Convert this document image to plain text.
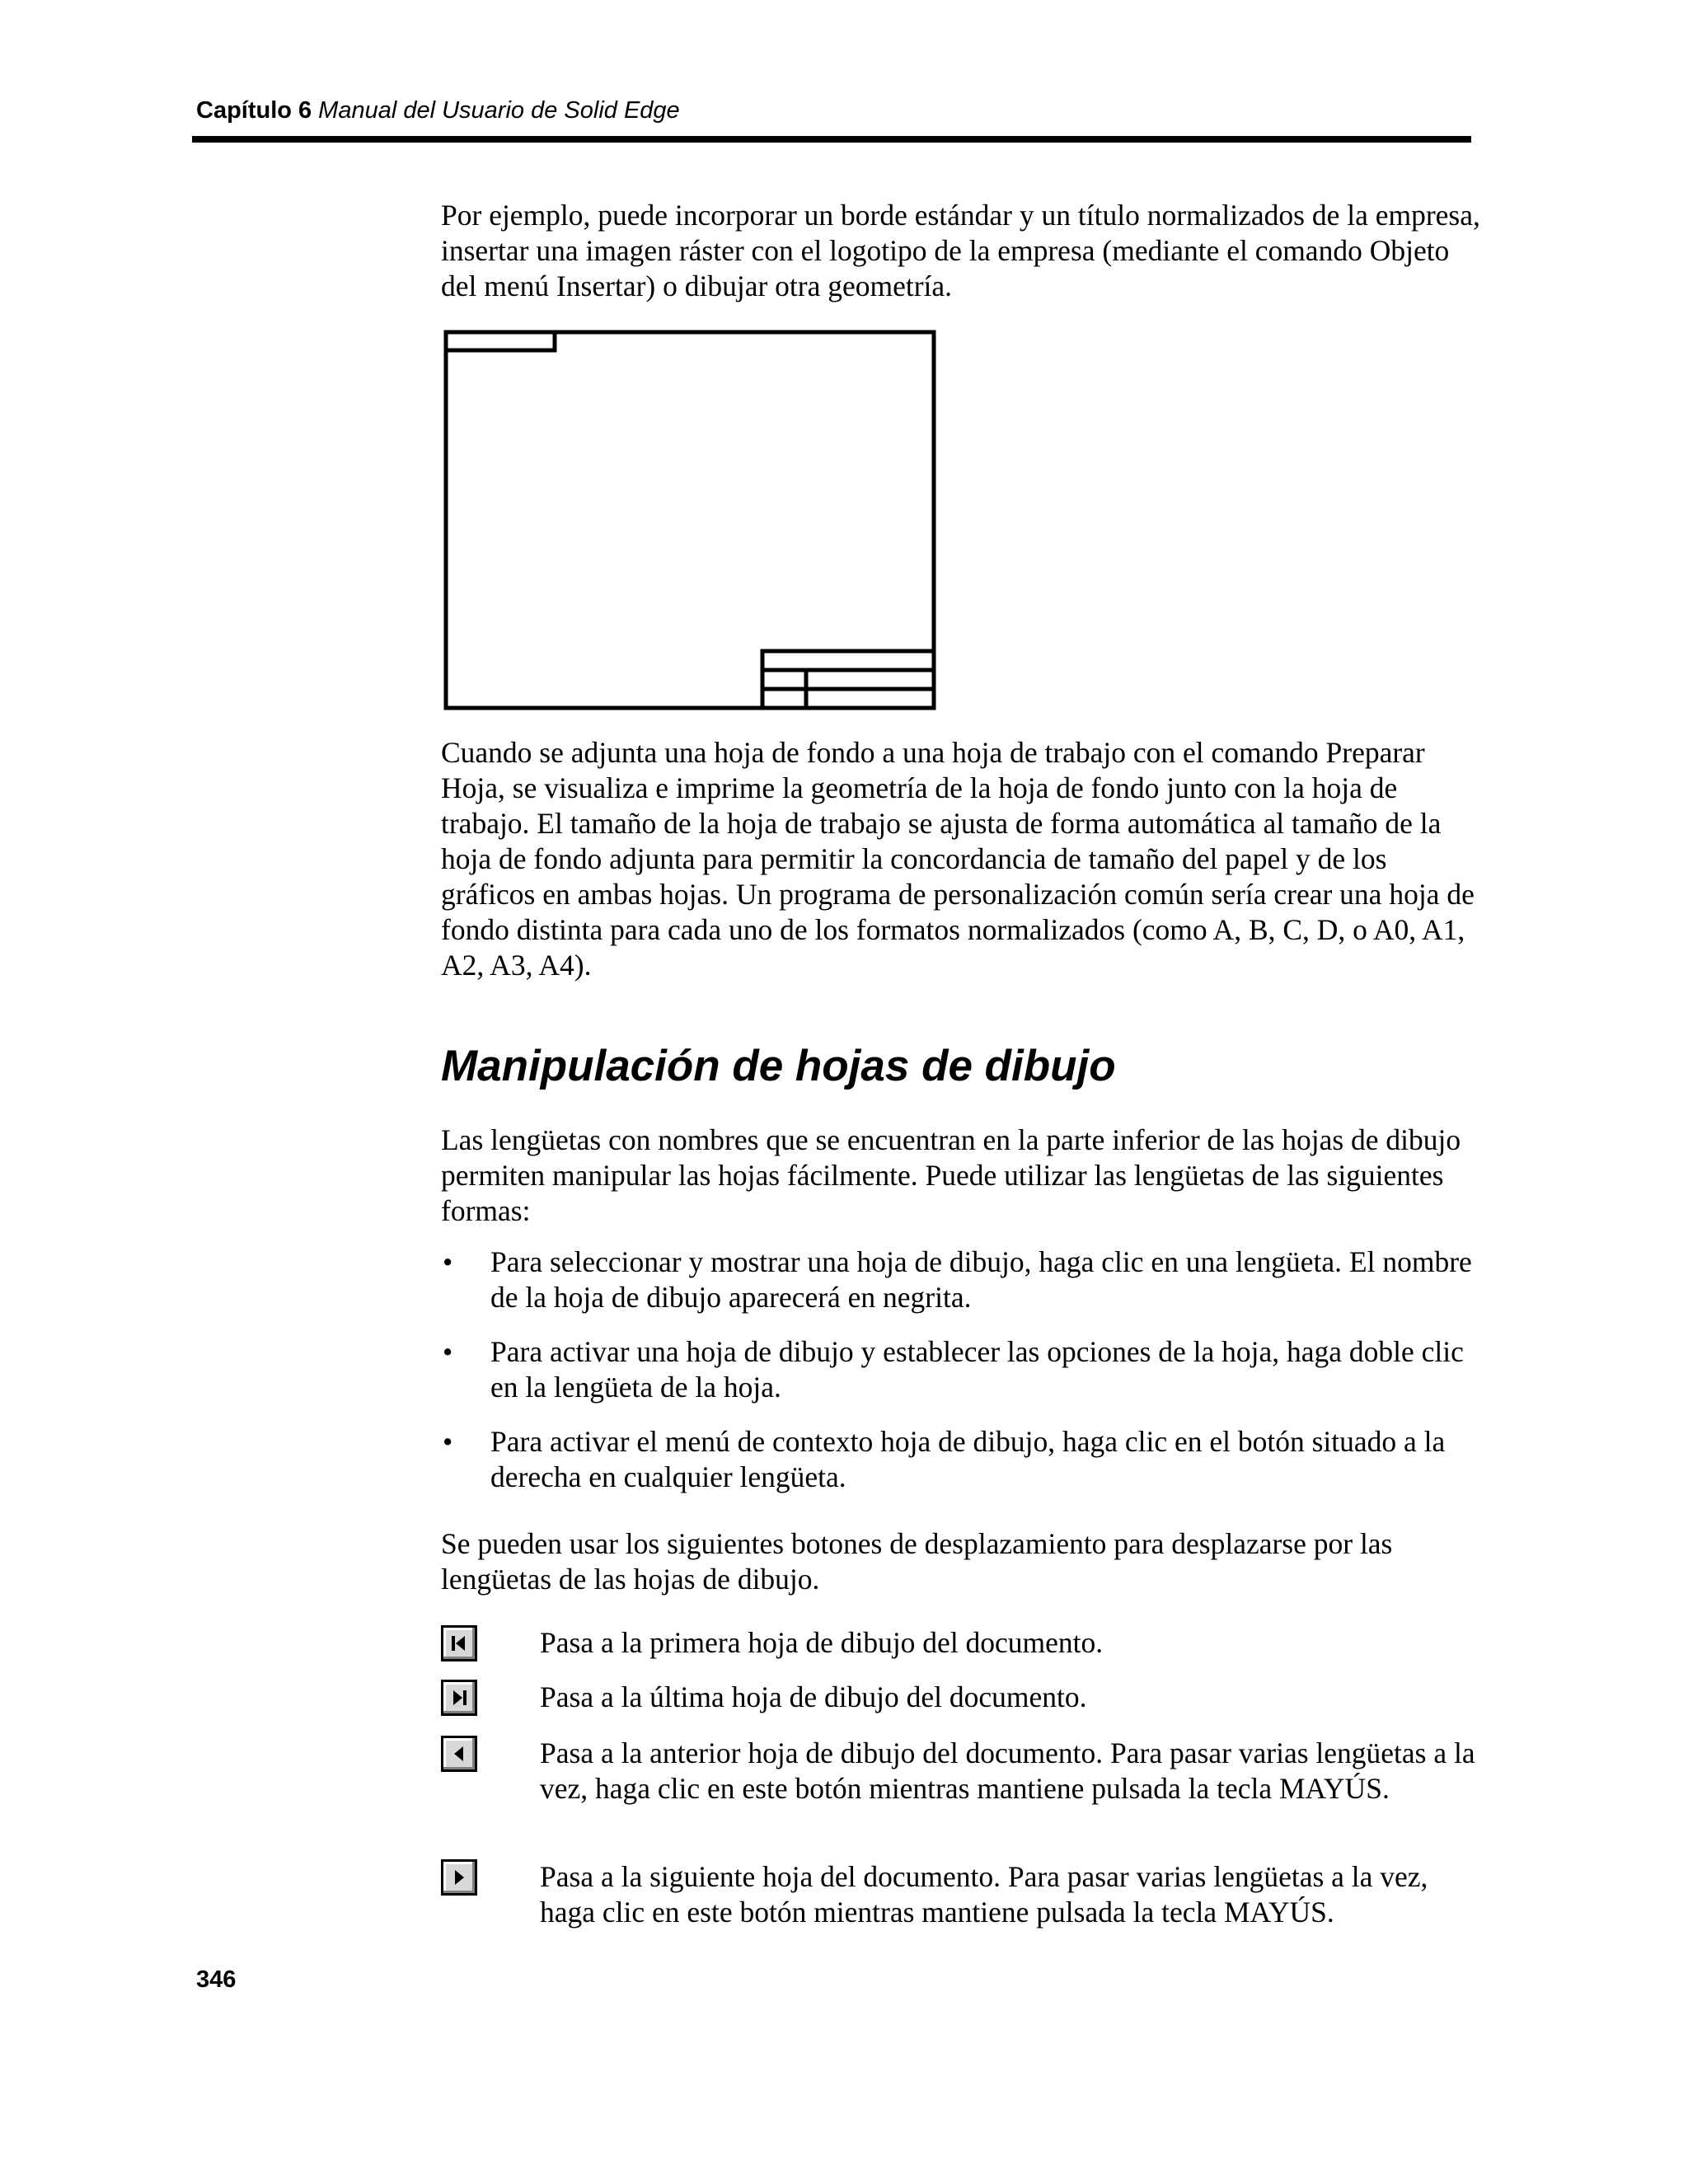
Capítulo 6 Manual del Usuario de Solid Edge

Por ejemplo, puede incorporar un borde estándar y un título normalizados de la empresa, insertar una imagen ráster con el logotipo de la empresa (mediante el comando Objeto del menú Insertar) o dibujar otra geometría.

Cuando se adjunta una hoja de fondo a una hoja de trabajo con el comando Preparar Hoja, se visualiza e imprime la geometría de la hoja de fondo junto con la hoja de trabajo. El tamaño de la hoja de trabajo se ajusta de forma automática al tamaño de la hoja de fondo adjunta para permitir la concordancia de tamaño del papel y de los gráficos en ambas hojas. Un programa de personalización común sería crear una hoja de fondo distinta para cada uno de los formatos normalizados (como A, B, C, D, o A0, A1, A2, A3, A4).

Manipulación de hojas de dibujo

Las lengüetas con nombres que se encuentran en la parte inferior de las hojas de dibujo permiten manipular las hojas fácilmente. Puede utilizar las lengüetas de las siguientes formas:

• Para seleccionar y mostrar una hoja de dibujo, haga clic en una lengüeta. El nombre de la hoja de dibujo aparecerá en negrita.
• Para activar una hoja de dibujo y establecer las opciones de la hoja, haga doble clic en la lengüeta de la hoja.
• Para activar el menú de contexto hoja de dibujo, haga clic en el botón situado a la derecha en cualquier lengüeta.

Se pueden usar los siguientes botones de desplazamiento para desplazarse por las lengüetas de las hojas de dibujo.

Pasa a la primera hoja de dibujo del documento.

Pasa a la última hoja de dibujo del documento.

Pasa a la anterior hoja de dibujo del documento. Para pasar varias lengüetas a la vez, haga clic en este botón mientras mantiene pulsada la tecla MAYÚS.

Pasa a la siguiente hoja del documento. Para pasar varias lengüetas a la vez, haga clic en este botón mientras mantiene pulsada la tecla MAYÚS.

346
